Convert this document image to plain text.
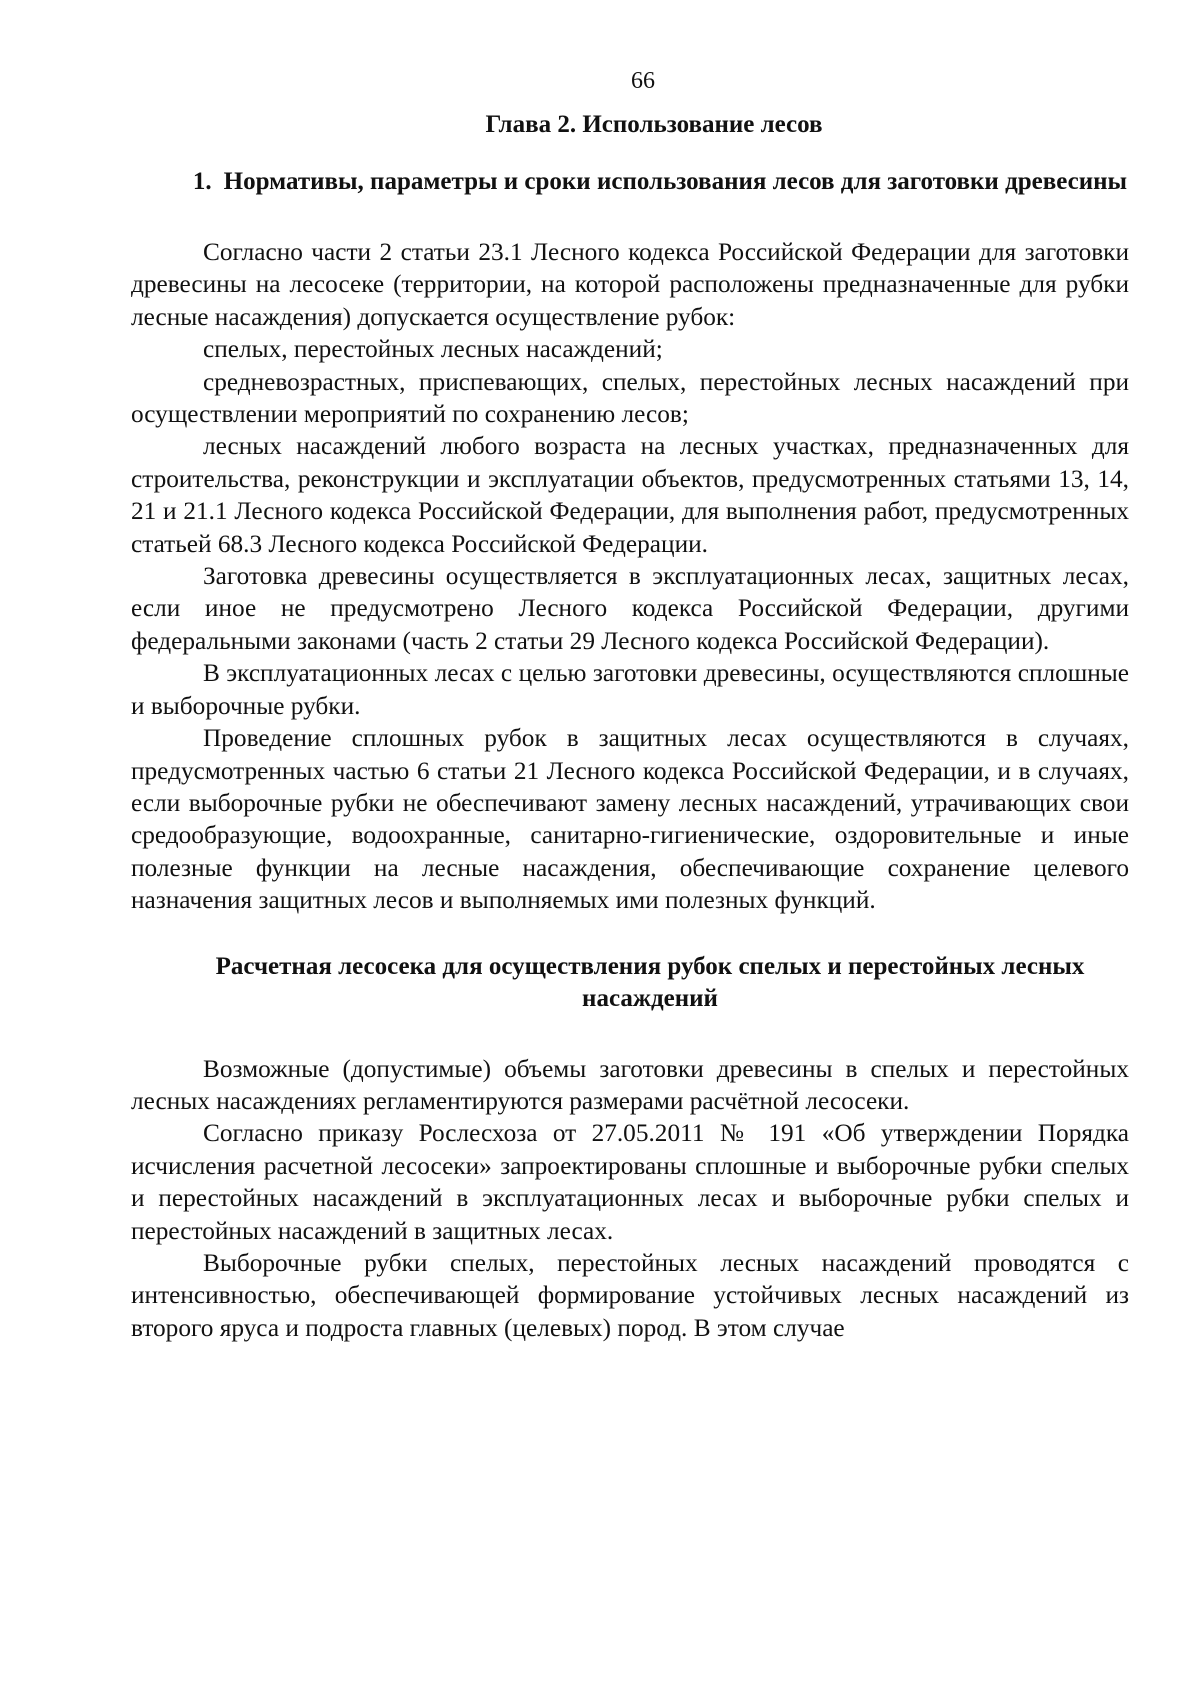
66
Глава 2. Использование лесов
1. Нормативы, параметры и сроки использования лесов для заготовки древесины

Согласно части 2 статьи 23.1 Лесного кодекса Российской Федерации для заготовки древесины на лесосеке (территории, на которой расположены предназначенные для рубки лесные насаждения) допускается осуществление рубок:

спелых, перестойных лесных насаждений;

средневозрастных, приспевающих, спелых, перестойных лесных насаждений при осуществлении мероприятий по сохранению лесов;

лесных насаждений любого возраста на лесных участках, предназначенных для строительства, реконструкции и эксплуатации объектов, предусмотренных статьями 13, 14, 21 и 21.1 Лесного кодекса Российской Федерации, для выполнения работ, предусмотренных статьей 68.3 Лесного кодекса Российской Федерации.

Заготовка древесины осуществляется в эксплуатационных лесах, защитных лесах, если иное не предусмотрено Лесного кодекса Российской Федерации, другими федеральными законами (часть 2 статьи 29 Лесного кодекса Российской Федерации).

В эксплуатационных лесах с целью заготовки древесины, осуществляются сплошные и выборочные рубки.

Проведение сплошных рубок в защитных лесах осуществляются в случаях, предусмотренных частью 6 статьи 21 Лесного кодекса Российской Федерации, и в случаях, если выборочные рубки не обеспечивают замену лесных насаждений, утрачивающих свои средообразующие, водоохранные, санитарно-гигиенические, оздоровительные и иные полезные функции на лесные насаждения, обеспечивающие сохранение целевого назначения защитных лесов и выполняемых ими полезных функций.

Расчетная лесосека для осуществления рубок спелых и перестойных лесных насаждений

Возможные (допустимые) объемы заготовки древесины в спелых и перестойных лесных насаждениях регламентируются размерами расчётной лесосеки.

Согласно приказу Рослесхоза от 27.05.2011 № 191 «Об утверждении Порядка исчисления расчетной лесосеки» запроектированы сплошные и выборочные рубки спелых и перестойных насаждений в эксплуатационных лесах и выборочные рубки спелых и перестойных насаждений в защитных лесах.

Выборочные рубки спелых, перестойных лесных насаждений проводятся с интенсивностью, обеспечивающей формирование устойчивых лесных насаждений из второго яруса и подроста главных (целевых) пород. В этом случае
